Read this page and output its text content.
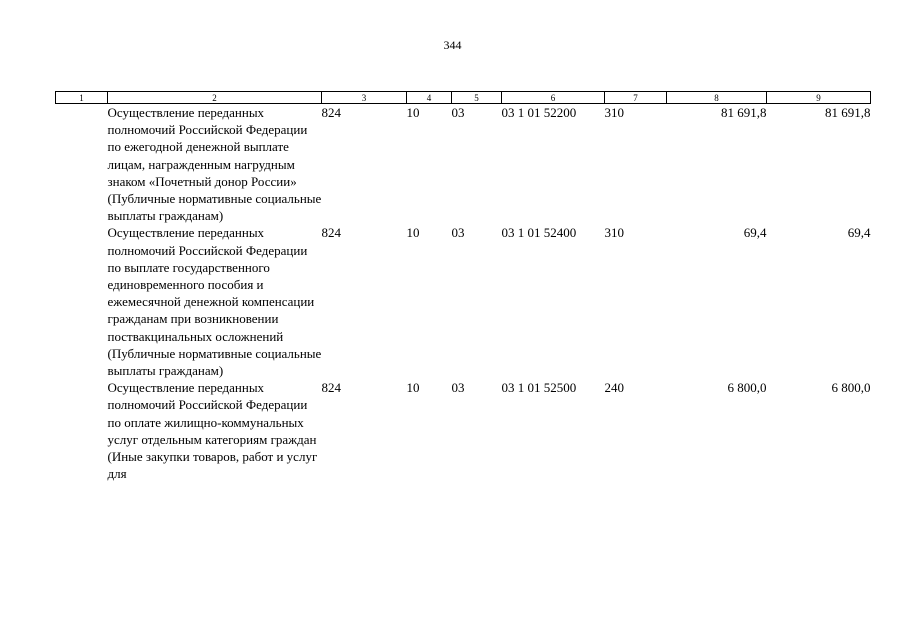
344
1	2	3	4	5	6	7	8	9
	Осуществление переданных полномочий Российской Федерации по ежегодной денежной выплате лицам, награжденным нагрудным знаком «Почетный донор России» (Публичные нормативные социальные выплаты гражданам)	824	10	03	03 1 01 52200	310	81 691,8	81 691,8
	Осуществление переданных полномочий Российской Федерации по выплате государственного единовременного пособия и ежемесячной денежной компенсации гражданам при возникновении поствакцинальных осложнений (Публичные нормативные социальные выплаты гражданам)	824	10	03	03 1 01 52400	310	69,4	69,4
	Осуществление переданных полномочий Российской Федерации по оплате жилищно-коммунальных услуг отдельным категориям граждан (Иные закупки товаров, работ и услуг для	824	10	03	03 1 01 52500	240	6 800,0	6 800,0
